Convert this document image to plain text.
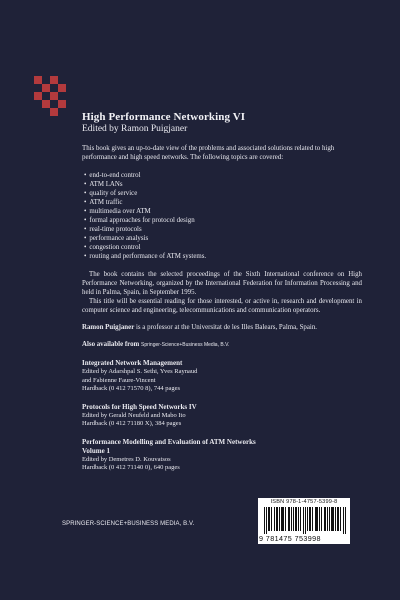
High Performance Networking VI
Edited by Ramon Puigjaner

This book gives an up-to-date view of the problems and associated solutions related to high performance and high speed networks. The following topics are covered:

• end-to-end control
• ATM LANs
• quality of service
• ATM traffic
• multimedia over ATM
• formal approaches for protocol design
• real-time protocols
• performance analysis
• congestion control
• routing and performance of ATM systems.

The book contains the selected proceedings of the Sixth International conference on High Performance Networking, organized by the International Federation for Information Processing and held in Palma, Spain, in September 1995.

This title will be essential reading for those interested, or active in, research and development in computer science and engineering, telecommunications and communication operators.

Ramon Puigjaner is a professor at the Universitat de les Illes Balears, Palma, Spain.

Also available from Springer-Science+Business Media, B.V.

Integrated Network Management
Edited by Adarshpal S. Sethi, Yves Raynaud
and Fabienne Faure-Vincent
Hardback (0 412 71570 8), 744 pages
Protocols for High Speed Networks IV
Edited by Gerald Neufeld and Mabo Ito
Hardback (0 412 71180 X), 384 pages
Performance Modelling and Evaluation of ATM Networks
Volume 1
Edited by Demetres D. Kouvatsos
Hardback (0 412 71140 0), 640 pages
ISBN 978-1-4757-5399-8
9 781475 753998
SPRINGER-SCIENCE+BUSINESS MEDIA, B.V.
